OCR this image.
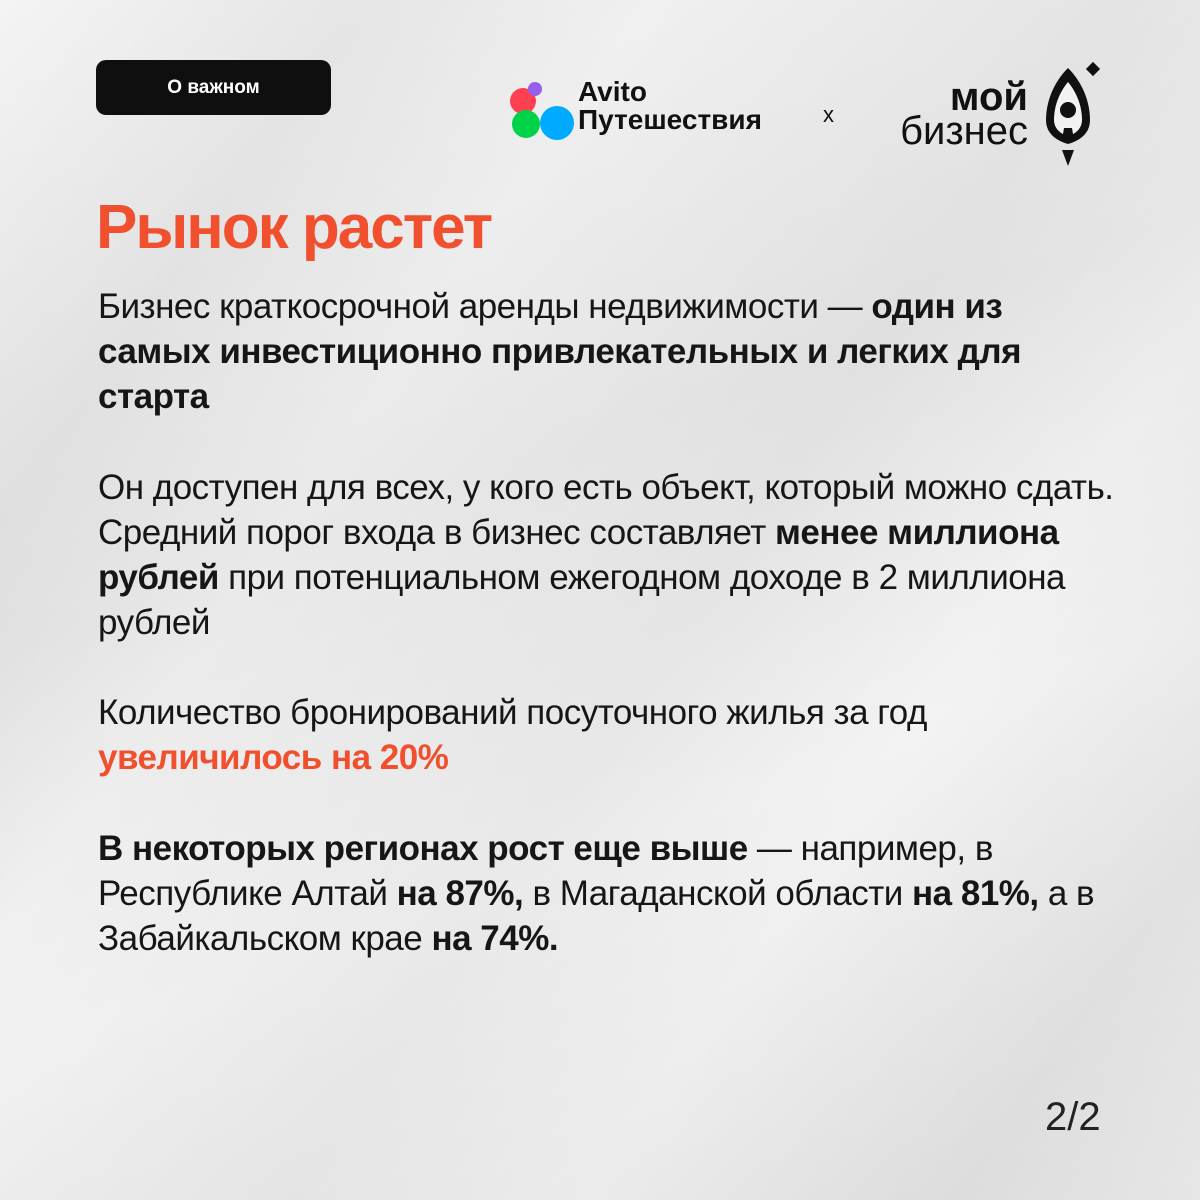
О важном	Avito
Путешествия	x	мой
бизнес
Рынок растет

Бизнес краткосрочной аренды недвижимости — один из самых инвестиционно привлекательных и легких для старта

Он доступен для всех, у кого есть объект, который можно сдать. Средний порог входа в бизнес составляет менее миллиона рублей при потенциальном ежегодном доходе в 2 миллиона рублей

Количество бронирований посуточного жилья за год увеличилось на 20%

В некоторых регионах рост еще выше — например, в Республике Алтай на 87%, в Магаданской области на 81%, а в Забайкальском крае на 74%.

2/2
